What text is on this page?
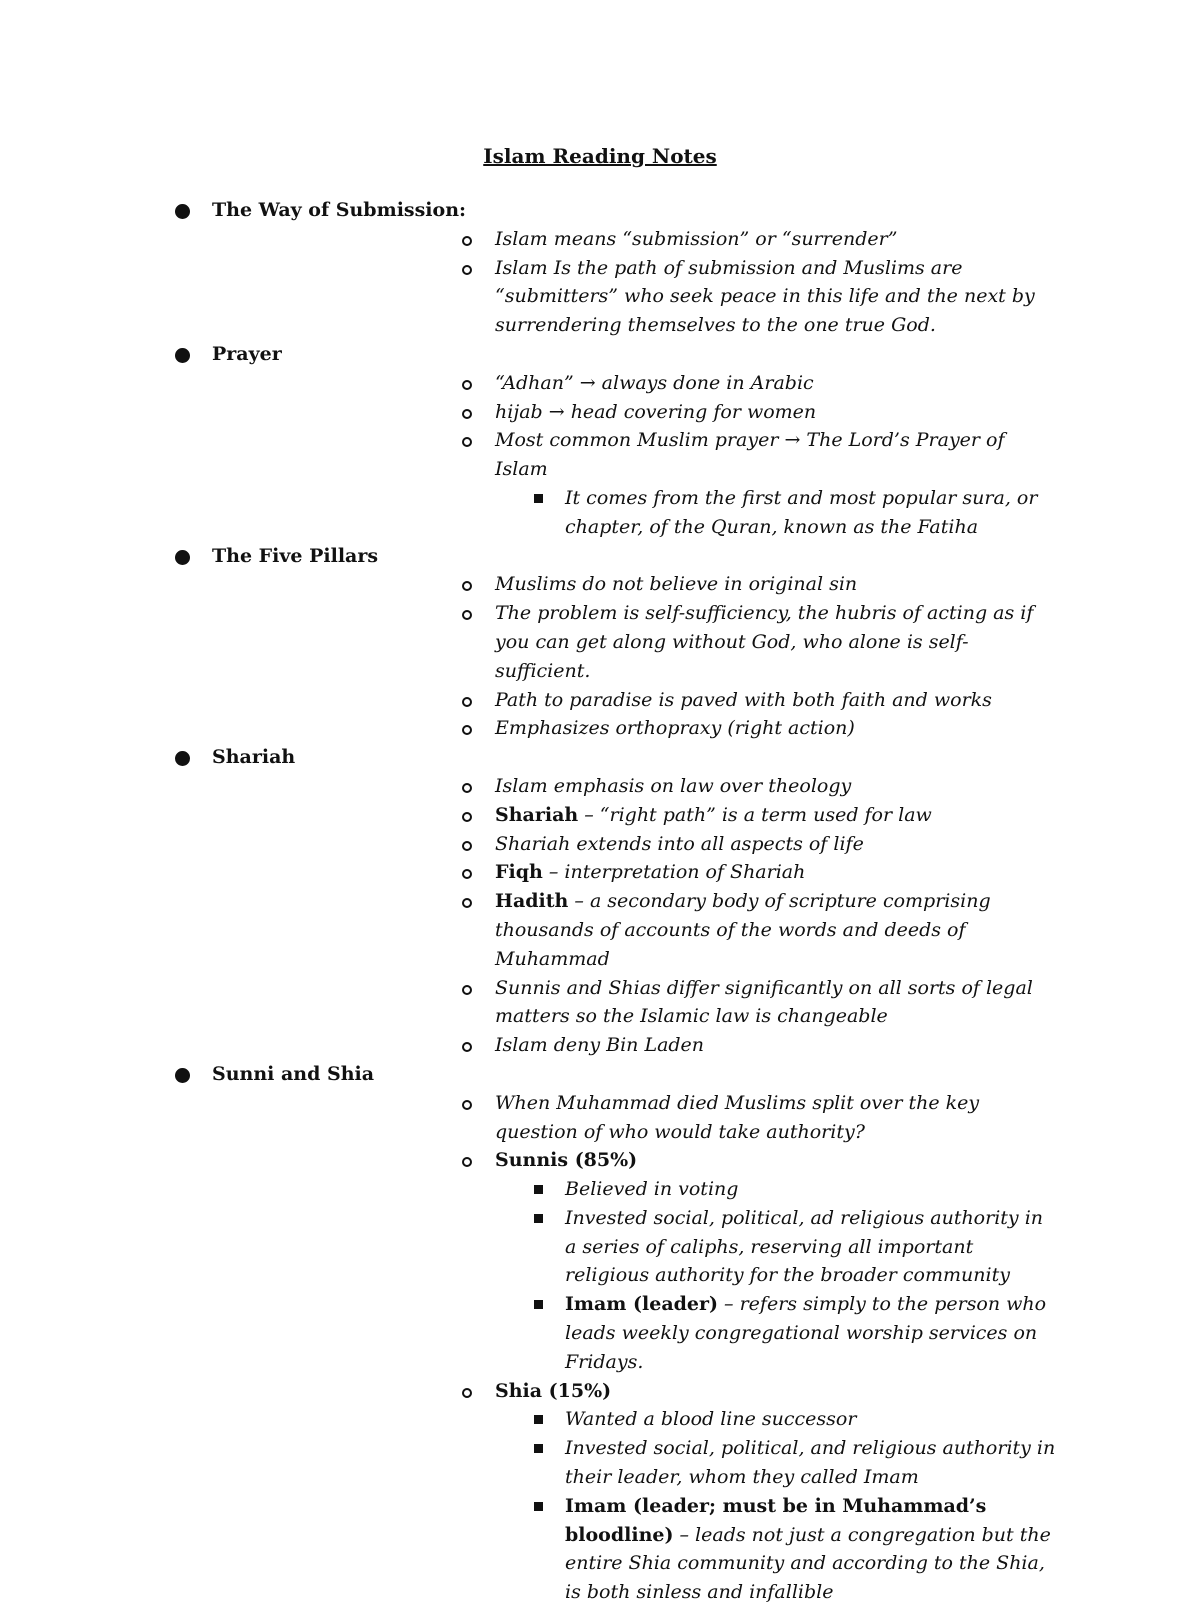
Islam Reading Notes
The Way of Submission:
Islam means “submission” or “surrender”
Islam Is the path of submission and Muslims are “submitters” who seek peace in this life and the next by surrendering themselves to the one true God.
Prayer
“Adhan” → always done in Arabic
hijab → head covering for women
Most common Muslim prayer → The Lord’s Prayer of Islam
It comes from the first and most popular sura, or chapter, of the Quran, known as the Fatiha
The Five Pillars
Muslims do not believe in original sin
The problem is self-sufficiency, the hubris of acting as if you can get along without God, who alone is self-sufficient.
Path to paradise is paved with both faith and works
Emphasizes orthopraxy (right action)
Shariah
Islam emphasis on law over theology
Shariah – “right path” is a term used for law
Shariah extends into all aspects of life
Fiqh – interpretation of Shariah
Hadith – a secondary body of scripture comprising thousands of accounts of the words and deeds of Muhammad
Sunnis and Shias differ significantly on all sorts of legal matters so the Islamic law is changeable
Islam deny Bin Laden
Sunni and Shia
When Muhammad died Muslims split over the key question of who would take authority?
Sunnis (85%)
Believed in voting
Invested social, political, ad religious authority in a series of caliphs, reserving all important religious authority for the broader community
Imam (leader) – refers simply to the person who leads weekly congregational worship services on Fridays.
Shia (15%)
Wanted a blood line successor
Invested social, political, and religious authority in their leader, whom they called Imam
Imam (leader; must be in Muhammad’s bloodline) – leads not just a congregation but the entire Shia community and according to the Shia, is both sinless and infallible
